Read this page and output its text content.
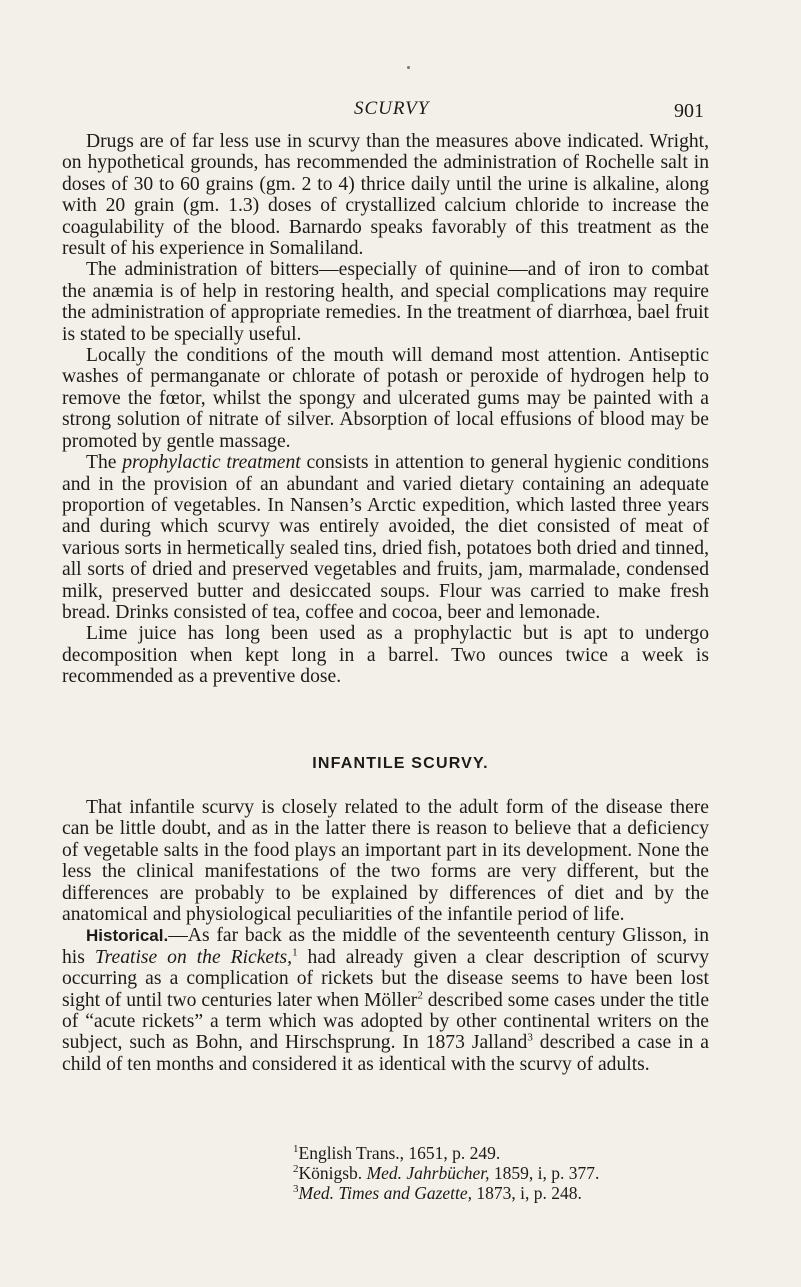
SCURVY	901

Drugs are of far less use in scurvy than the measures above indicated. Wright, on hypothetical grounds, has recommended the administration of Rochelle salt in doses of 30 to 60 grains (gm. 2 to 4) thrice daily until the urine is alkaline, along with 20 grain (gm. 1.3) doses of crystallized calcium chloride to increase the coagulability of the blood. Barnardo speaks favorably of this treatment as the result of his experience in Somaliland.

The administration of bitters—especially of quinine—and of iron to combat the anæmia is of help in restoring health, and special complications may require the administration of appropriate remedies. In the treatment of diarrhœa, bael fruit is stated to be specially useful.

Locally the conditions of the mouth will demand most attention. Antiseptic washes of permanganate or chlorate of potash or peroxide of hydrogen help to remove the fœtor, whilst the spongy and ulcerated gums may be painted with a strong solution of nitrate of silver. Absorption of local effusions of blood may be promoted by gentle massage.

The prophylactic treatment consists in attention to general hygienic conditions and in the provision of an abundant and varied dietary containing an adequate proportion of vegetables. In Nansen’s Arctic expedition, which lasted three years and during which scurvy was entirely avoided, the diet consisted of meat of various sorts in hermetically sealed tins, dried fish, potatoes both dried and tinned, all sorts of dried and preserved vegetables and fruits, jam, marmalade, condensed milk, preserved butter and desiccated soups. Flour was carried to make fresh bread. Drinks consisted of tea, coffee and cocoa, beer and lemonade.

Lime juice has long been used as a prophylactic but is apt to undergo decomposition when kept long in a barrel. Two ounces twice a week is recommended as a preventive dose.

INFANTILE SCURVY.

That infantile scurvy is closely related to the adult form of the disease there can be little doubt, and as in the latter there is reason to believe that a deficiency of vegetable salts in the food plays an important part in its development. None the less the clinical manifestations of the two forms are very different, but the differences are probably to be explained by differences of diet and by the anatomical and physiological peculiarities of the infantile period of life.

Historical.—As far back as the middle of the seventeenth century Glisson, in his Treatise on the Rickets,$^1$ had already given a clear description of scurvy occurring as a complication of rickets but the disease seems to have been lost sight of until two centuries later when Möller$^2$ described some cases under the title of “acute rickets” a term which was adopted by other continental writers on the subject, such as Bohn, and Hirschsprung. In 1873 Jalland$^3$ described a case in a child of ten months and considered it as identical with the scurvy of adults.

$^1$English Trans., 1651, p. 249.
$^2$Königsb. Med. Jahrbücher, 1859, i, p. 377.
$^3$Med. Times and Gazette, 1873, i, p. 248.
